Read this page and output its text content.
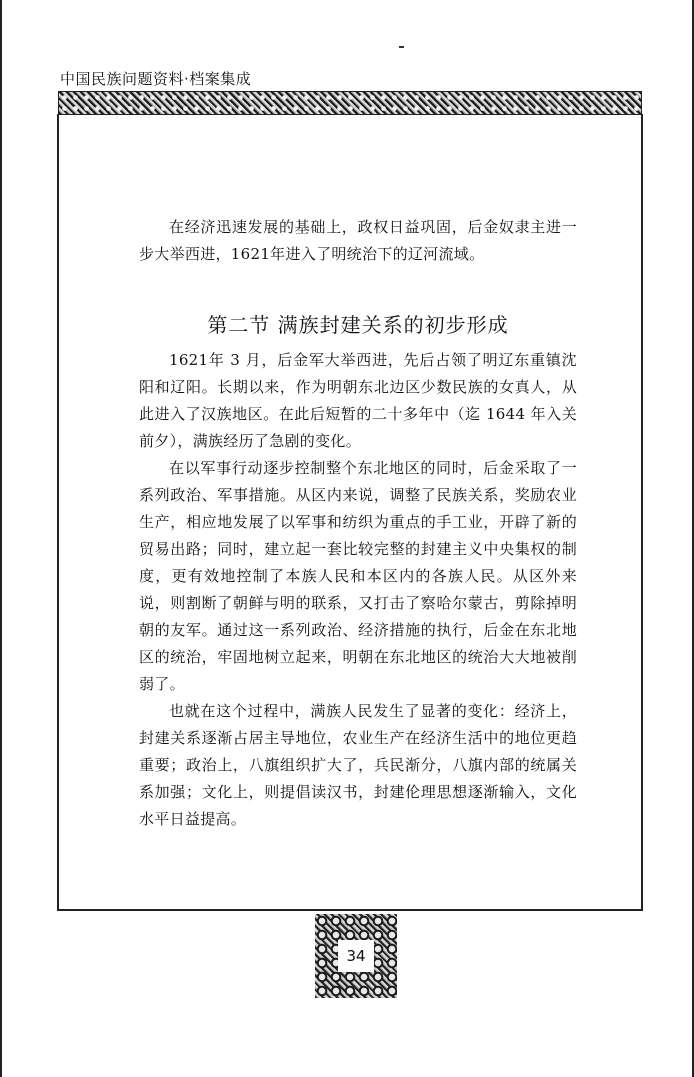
中国民族问题资料·档案集成

在经济迅速发展的基础上，政权日益巩固，后金奴隶主进一步大举西进，1621年进入了明统治下的辽河流域。

第二节 满族封建关系的初步形成

1621年 3 月，后金军大举西进，先后占领了明辽东重镇沈阳和辽阳。长期以来，作为明朝东北边区少数民族的女真人，从此进入了汉族地区。在此后短暂的二十多年中（迄 1644 年入关前夕），满族经历了急剧的变化。

在以军事行动逐步控制整个东北地区的同时，后金采取了一系列政治、军事措施。从区内来说，调整了民族关系，奖励农业生产，相应地发展了以军事和纺织为重点的手工业，开辟了新的贸易出路；同时，建立起一套比较完整的封建主义中央集权的制度，更有效地控制了本族人民和本区内的各族人民。从区外来说，则割断了朝鲜与明的联系，又打击了察哈尔蒙古，剪除掉明朝的友军。通过这一系列政治、经济措施的执行，后金在东北地区的统治，牢固地树立起来，明朝在东北地区的统治大大地被削弱了。

也就在这个过程中，满族人民发生了显著的变化：经济上，封建关系逐渐占居主导地位，农业生产在经济生活中的地位更趋重要；政治上，八旗组织扩大了，兵民渐分，八旗内部的统属关系加强；文化上，则提倡读汉书，封建伦理思想逐渐输入，文化水平日益提高。

34
